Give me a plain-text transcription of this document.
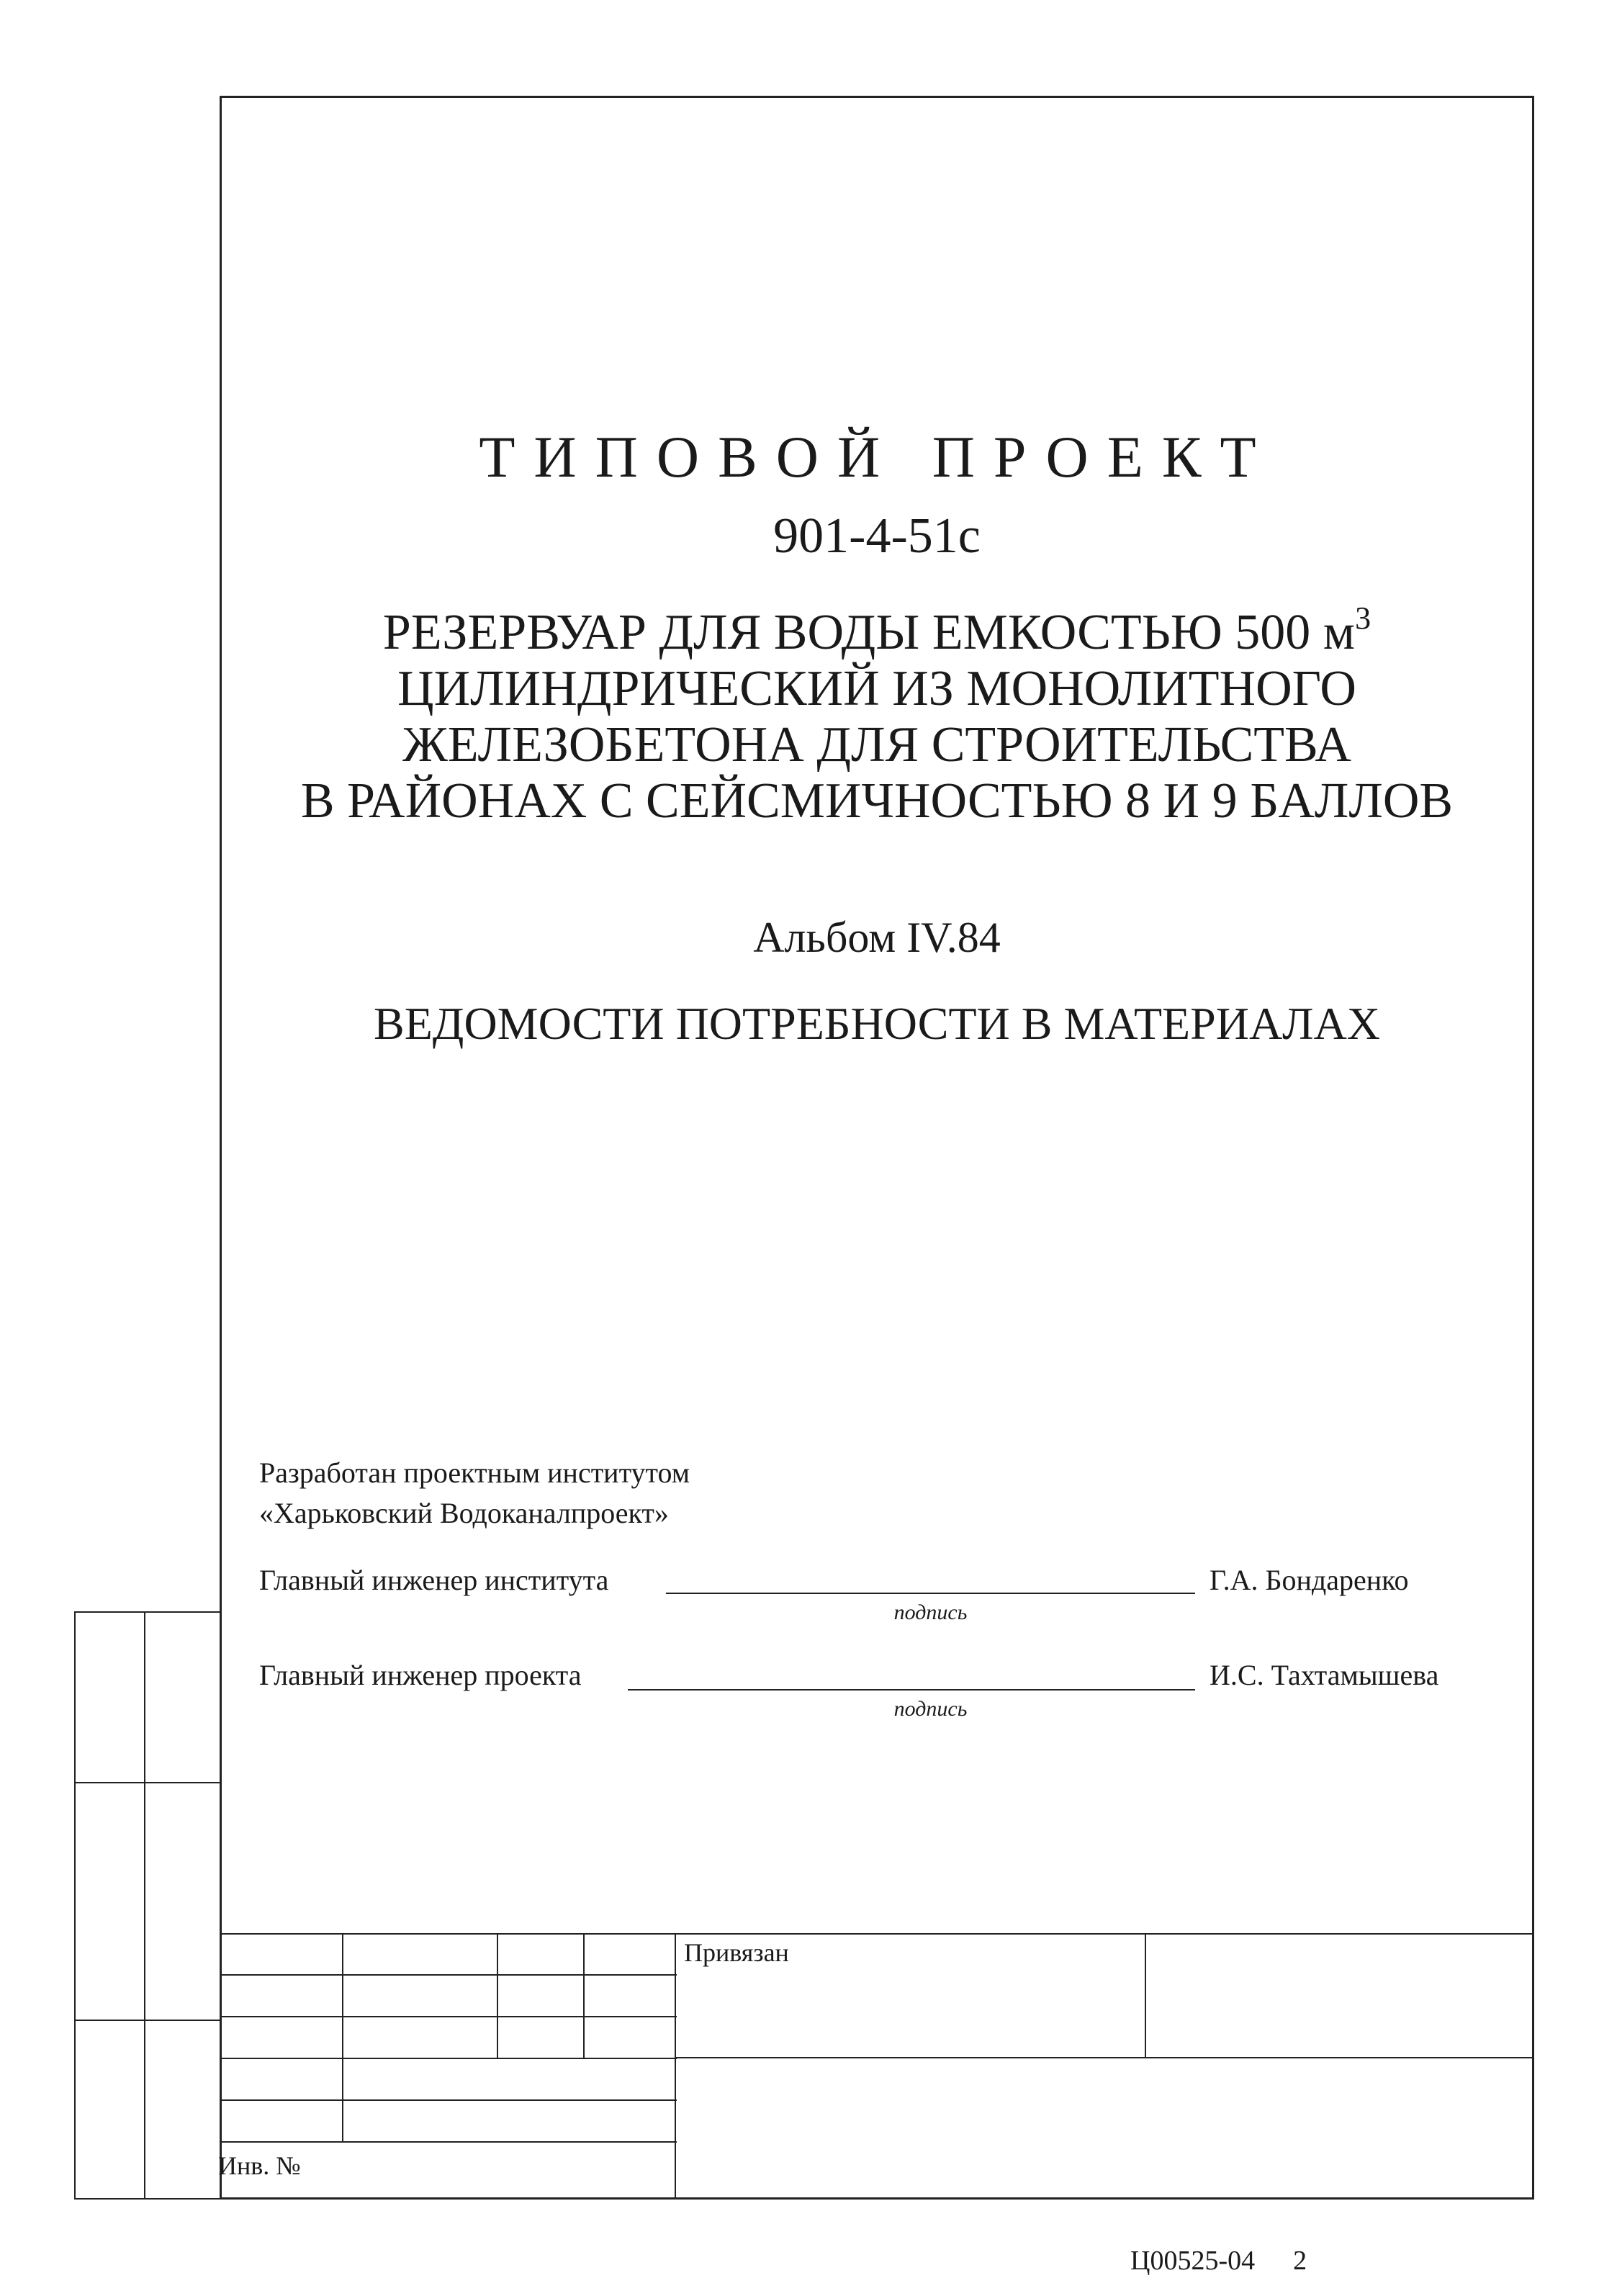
ТИПОВОЙ ПРОЕКТ
901-4-51с
РЕЗЕРВУАР ДЛЯ ВОДЫ ЕМКОСТЬЮ 500 $м^3$
ЦИЛИНДРИЧЕСКИЙ ИЗ МОНОЛИТНОГО
ЖЕЛЕЗОБЕТОНА ДЛЯ СТРОИТЕЛЬСТВА
В РАЙОНАХ С СЕЙСМИЧНОСТЬЮ 8 И 9 БАЛЛОВ
Альбом IV.84
ВЕДОМОСТИ ПОТРЕБНОСТИ В МАТЕРИАЛАХ
Разработан проектным институтом
«Харьковский Водоканалпроект»
Главный инженер института
подпись
Г.А. Бондаренко
Главный инженер проекта
подпись
И.С. Тахтамышева
Привязан
Инв. №
Ц00525-04 2
